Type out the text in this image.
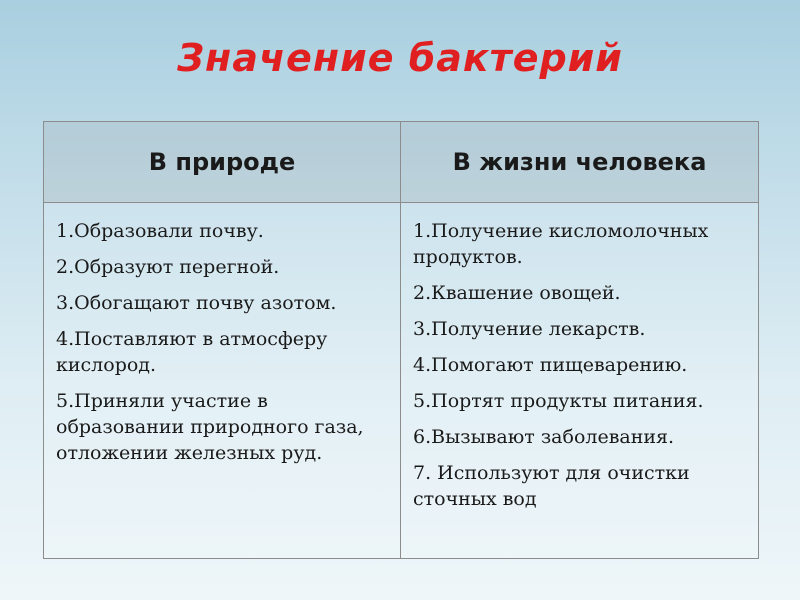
Значение бактерий
В природе	В жизни человека
1.Образовали почву.
2.Образуют перегной.
3.Обогащают почву азотом.
4.Поставляют в атмосферу кислород.
5.Приняли участие в образовании природного газа, отложении железных руд.
1.Получение кисломолочных продуктов.
2.Квашение овощей.
3.Получение лекарств.
4.Помогают пищеварению.
5.Портят продукты питания.
6.Вызывают заболевания.
7. Используют для очистки сточных вод
